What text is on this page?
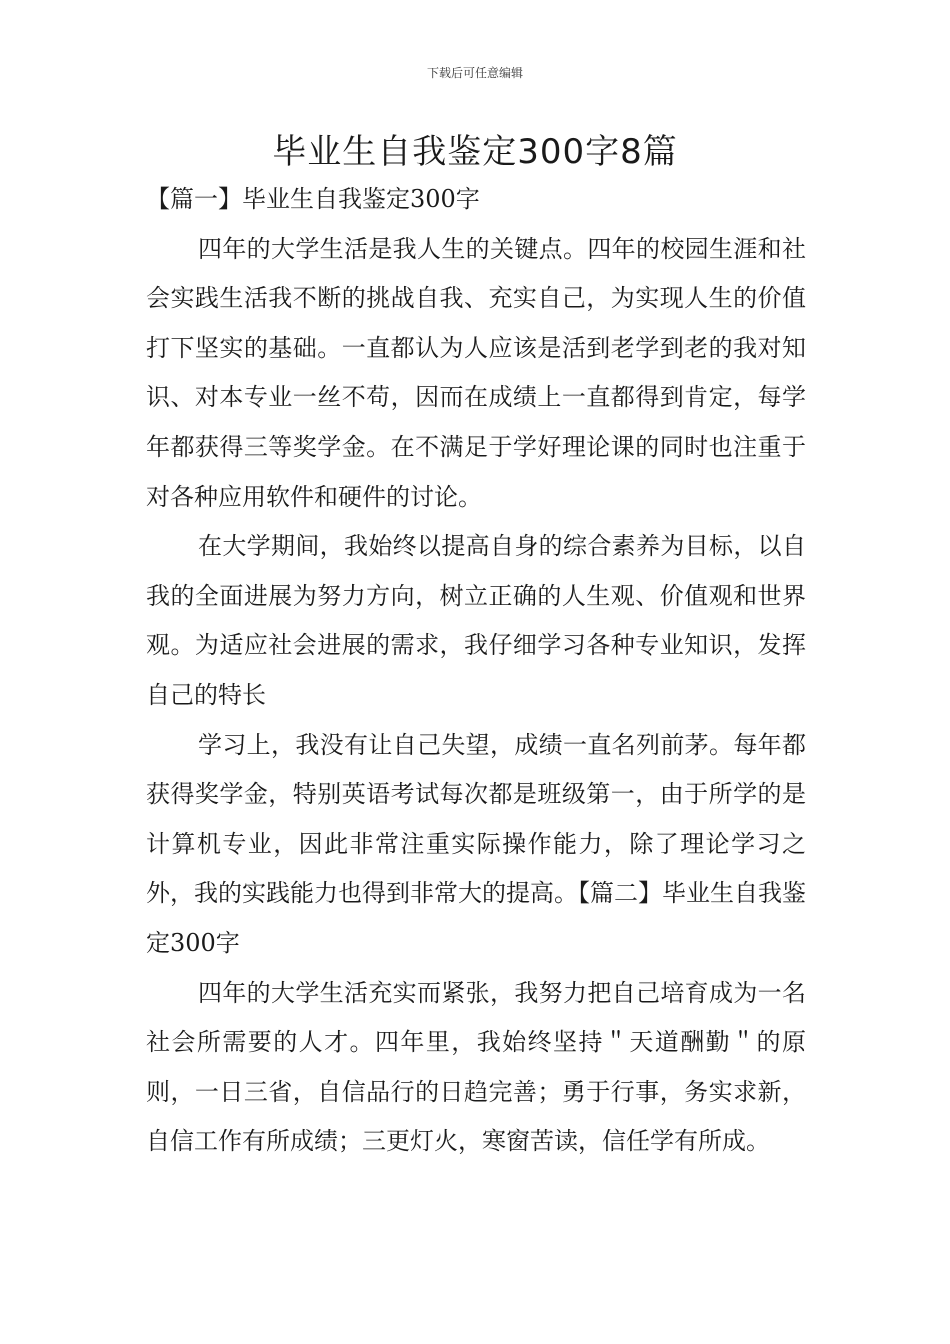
下载后可任意编辑
毕业生自我鉴定300字8篇

【篇一】毕业生自我鉴定300字

四年的大学生活是我人生的关键点。四年的校园生涯和社会实践生活我不断的挑战自我、充实自己，为实现人生的价值打下坚实的基础。一直都认为人应该是活到老学到老的我对知识、对本专业一丝不苟，因而在成绩上一直都得到肯定，每学年都获得三等奖学金。在不满足于学好理论课的同时也注重于对各种应用软件和硬件的讨论。

在大学期间，我始终以提高自身的综合素养为目标，以自我的全面进展为努力方向，树立正确的人生观、价值观和世界观。为适应社会进展的需求，我仔细学习各种专业知识，发挥自己的特长

学习上，我没有让自己失望，成绩一直名列前茅。每年都获得奖学金，特别英语考试每次都是班级第一，由于所学的是计算机专业，因此非常注重实际操作能力，除了理论学习之外，我的实践能力也得到非常大的提高。【篇二】毕业生自我鉴定300字

四年的大学生活充实而紧张，我努力把自己培育成为一名社会所需要的人才。四年里，我始终坚持＂天道酬勤＂的原则，一日三省，自信品行的日趋完善；勇于行事，务实求新，自信工作有所成绩；三更灯火，寒窗苦读，信任学有所成。
